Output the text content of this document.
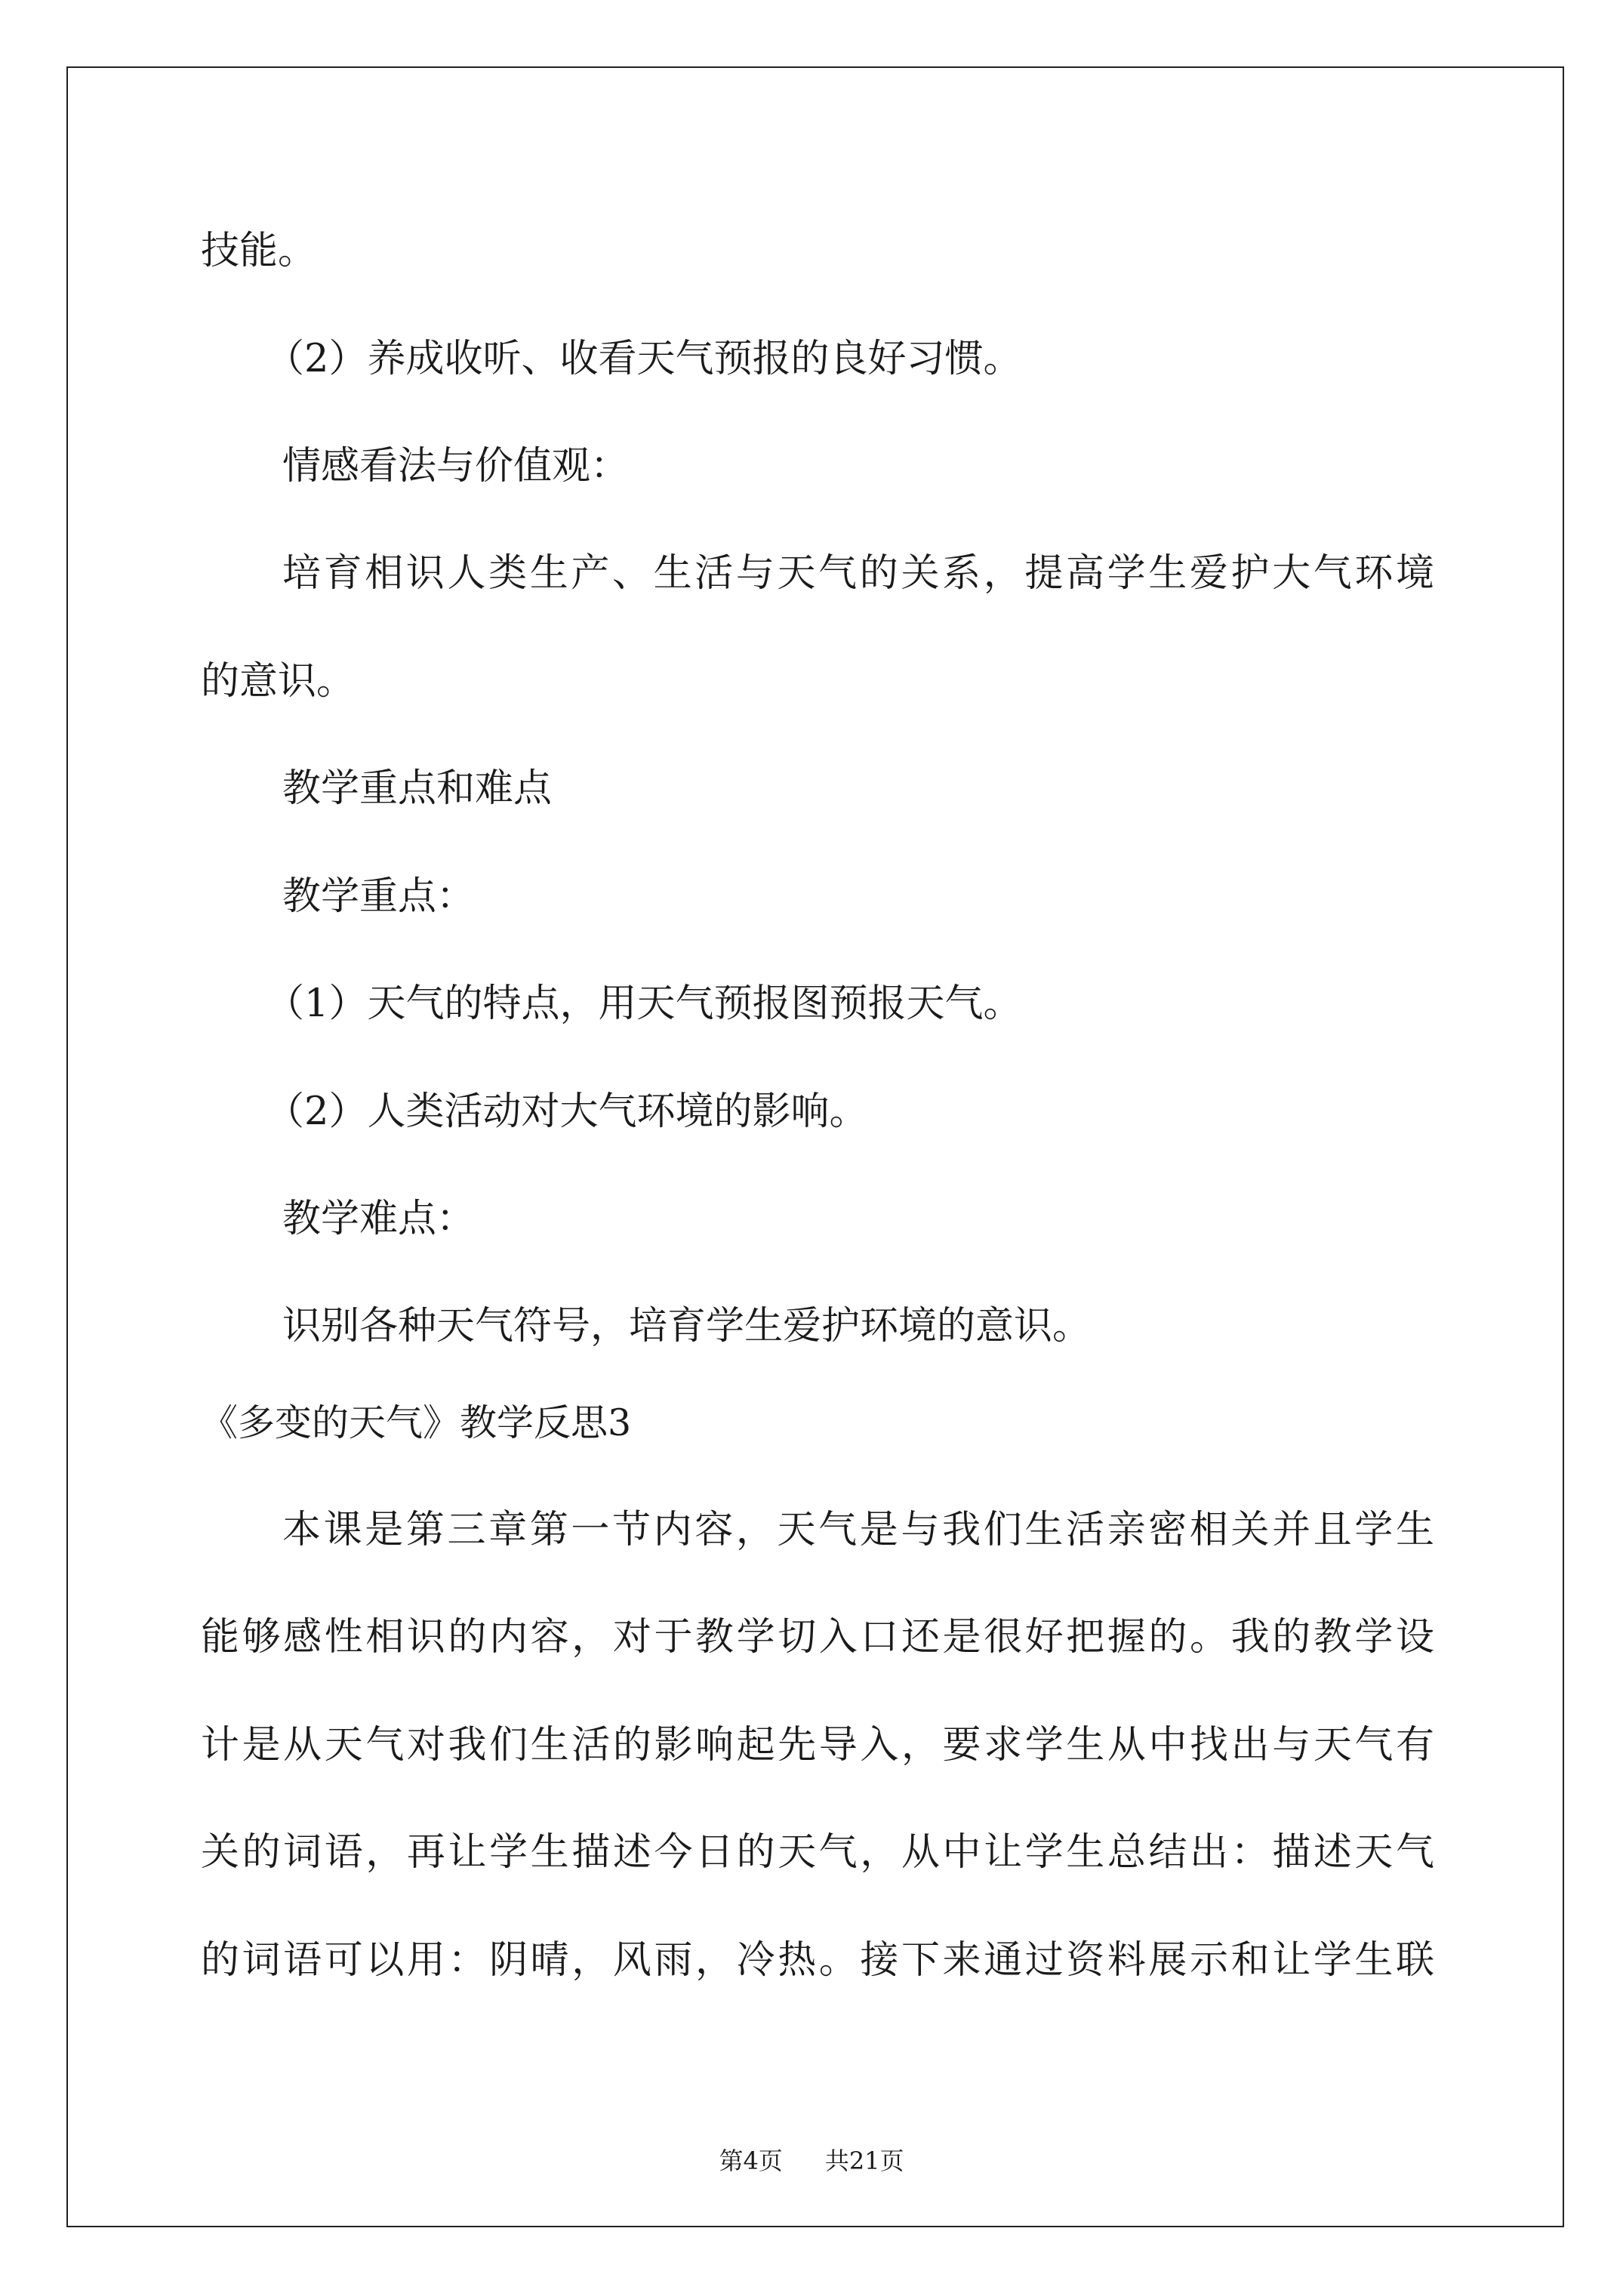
技能。
（2）养成收听、收看天气预报的良好习惯。
情感看法与价值观：
培育相识人类生产、生活与天气的关系，提高学生爱护大气环境
的意识。
教学重点和难点
教学重点：
（1）天气的特点，用天气预报图预报天气。
（2）人类活动对大气环境的影响。
教学难点：
识别各种天气符号，培育学生爱护环境的意识。
《多变的天气》教学反思3
本课是第三章第一节内容，天气是与我们生活亲密相关并且学生
能够感性相识的内容，对于教学切入口还是很好把握的。我的教学设
计是从天气对我们生活的影响起先导入，要求学生从中找出与天气有
关的词语，再让学生描述今日的天气，从中让学生总结出：描述天气
的词语可以用：阴晴，风雨，冷热。接下来通过资料展示和让学生联
第4页 共21页
